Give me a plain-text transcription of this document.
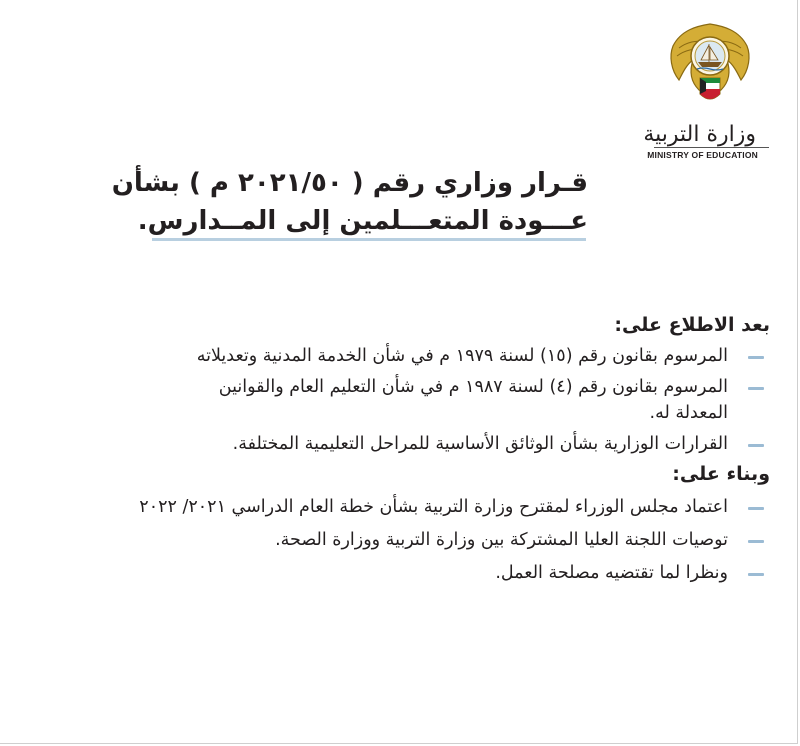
وزارة التربية
MINISTRY OF EDUCATION
قـرار وزاري رقم ( ٢٠٢١/٥٠ م ) بشأن
عـــودة المتعـــلمين إلى المــدارس.

بعد الاطلاع على:

المرسوم بقانون رقم (١٥) لسنة ١٩٧٩ م في شأن الخدمة المدنية وتعديلاته
المرسوم بقانون رقم (٤) لسنة ١٩٨٧ م في شأن التعليم العام والقوانين
المعدلة له.
القرارات الوزارية بشأن الوثائق الأساسية للمراحل التعليمية المختلفة.

وبناء على:

اعتماد مجلس الوزراء لمقترح وزارة التربية بشأن خطة العام الدراسي ٢٠٢١/ ٢٠٢٢
توصيات اللجنة العليا المشتركة بين وزارة التربية ووزارة الصحة.
ونظرا لما تقتضيه مصلحة العمل.
